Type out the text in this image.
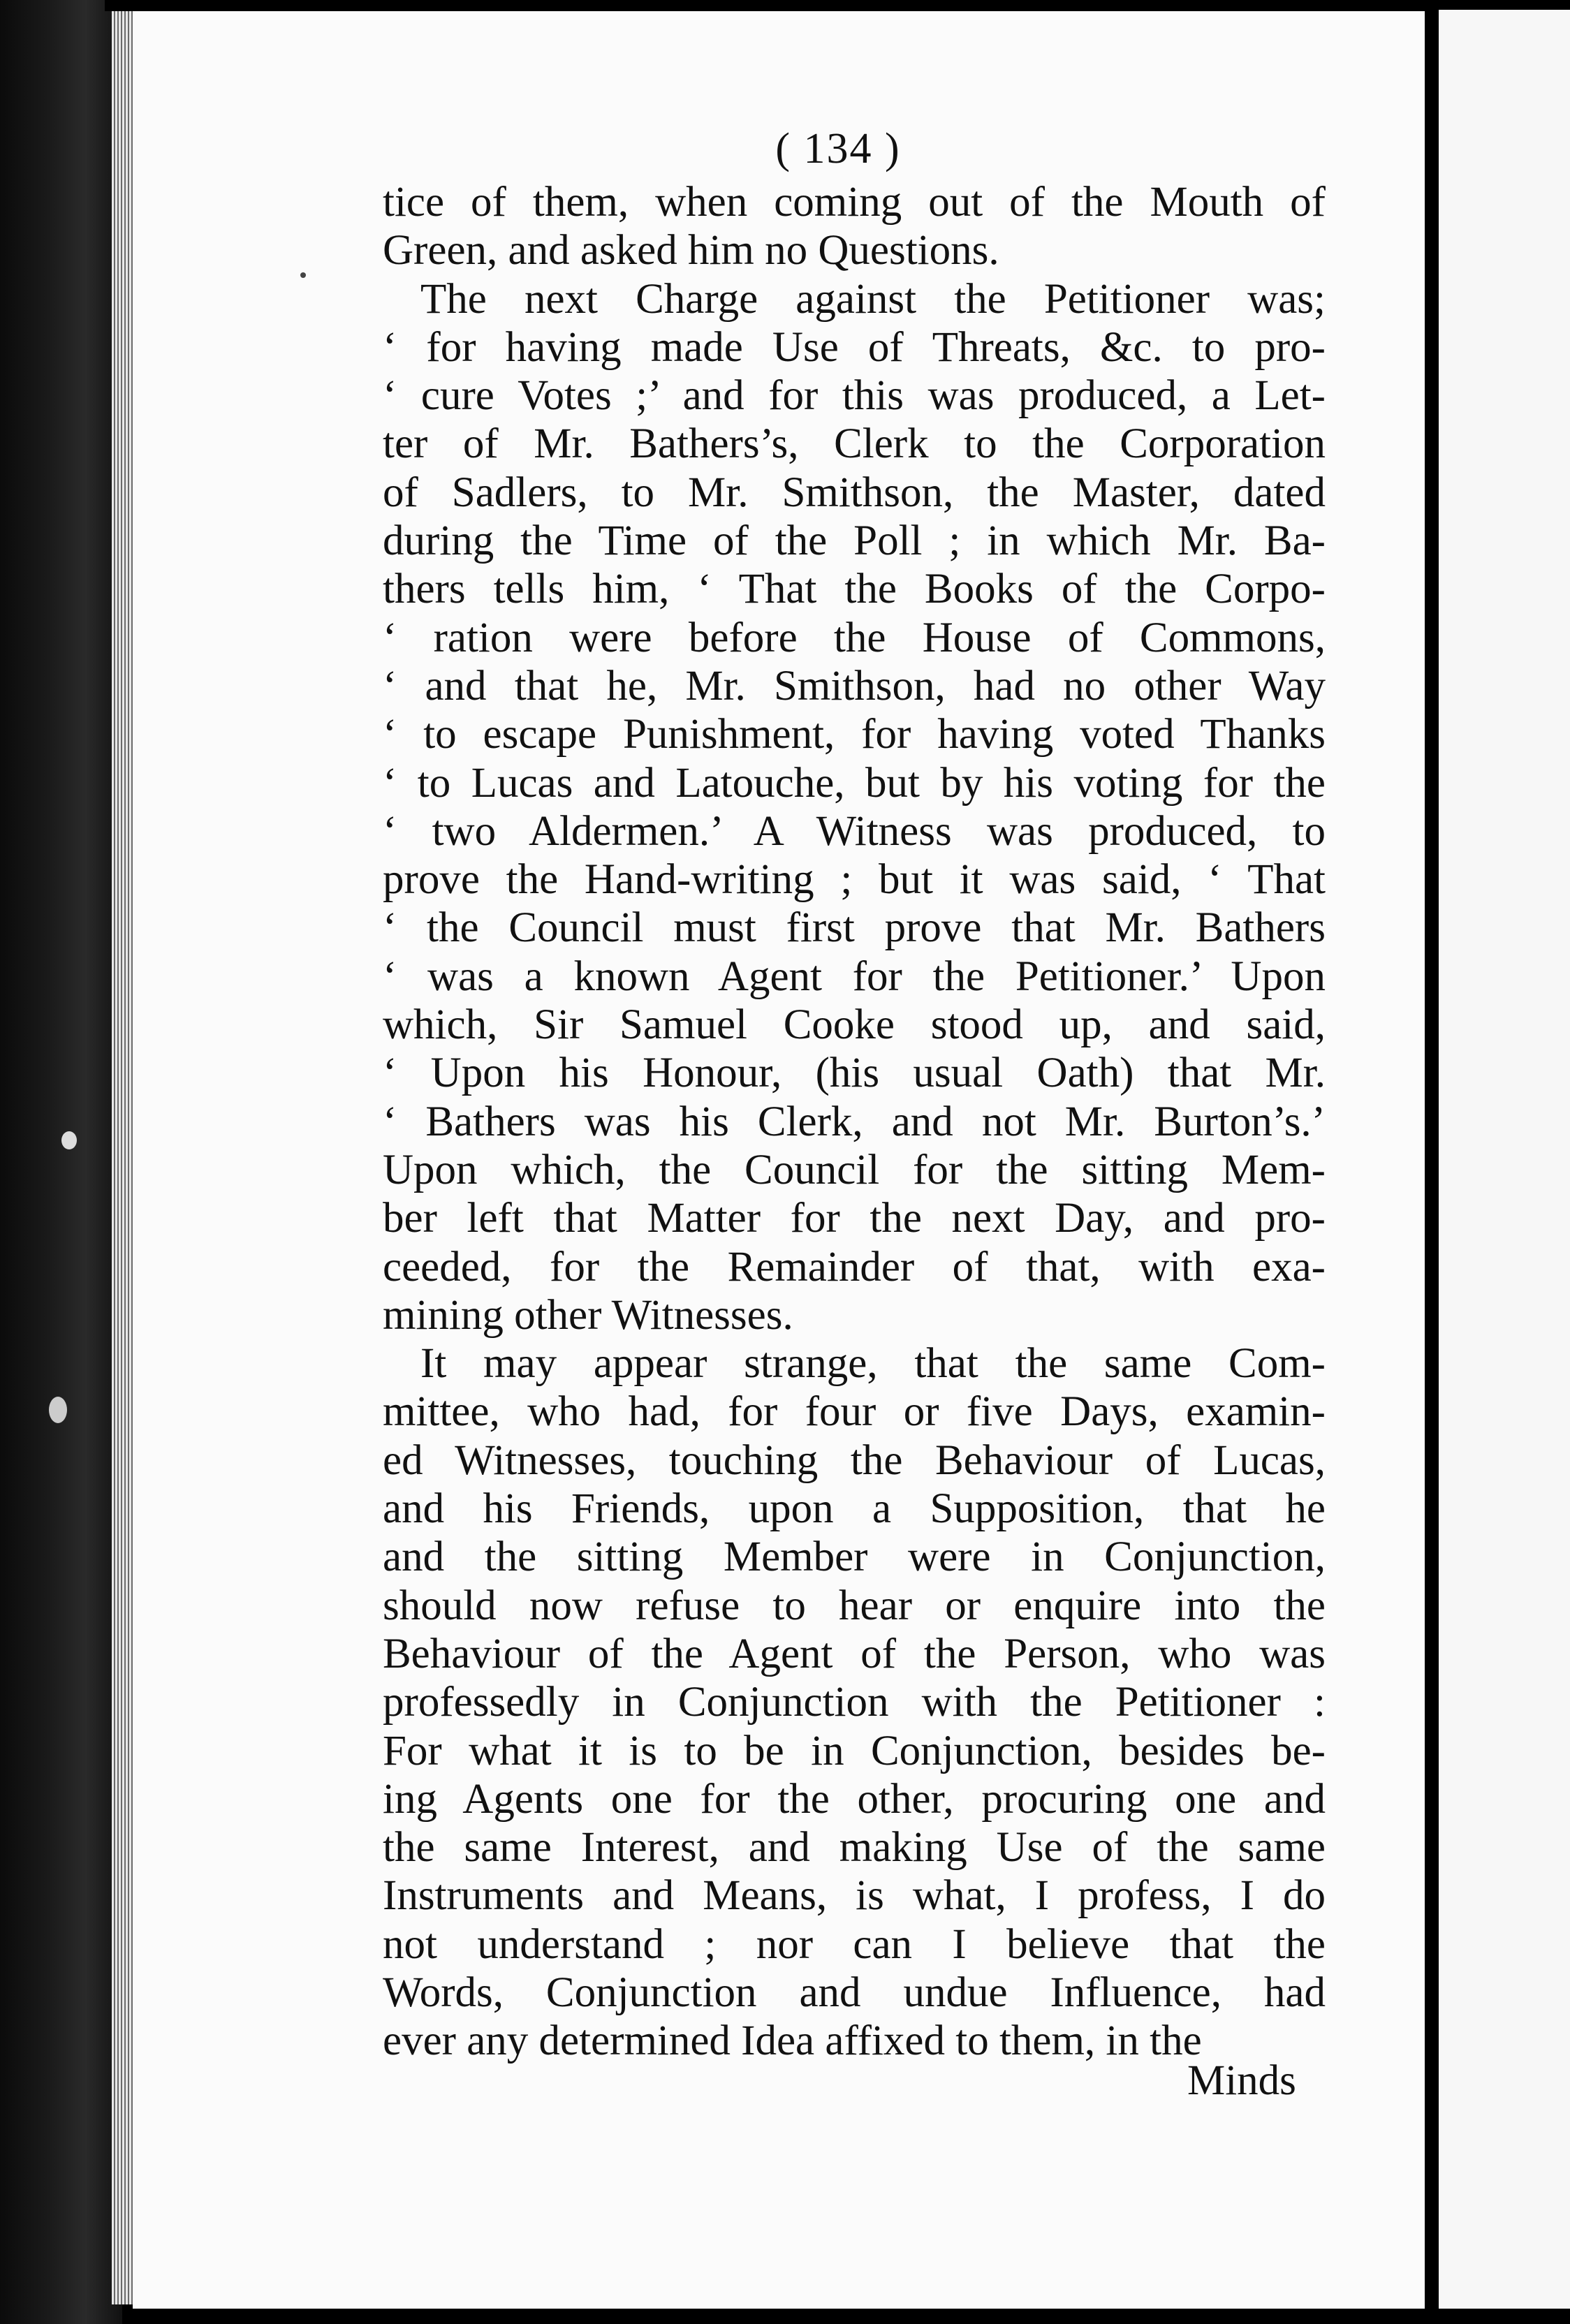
( 134 )
tice of them, when coming out of the Mouth of
Green, and asked him no Questions.
The next Charge against the Petitioner was;
‘ for having made Use of Threats, &c. to pro-
‘ cure Votes ;’ and for this was produced, a Let-
ter of Mr. Bathers’s, Clerk to the Corporation
of Sadlers, to Mr. Smithson, the Master, dated
during the Time of the Poll ; in which Mr. Ba-
thers tells him, ‘ That the Books of the Corpo-
‘ ration were before the House of Commons,
‘ and that he, Mr. Smithson, had no other Way
‘ to escape Punishment, for having voted Thanks
‘ to Lucas and Latouche, but by his voting for the
‘ two Aldermen.’ A Witness was produced, to
prove the Hand-writing ; but it was said, ‘ That
‘ the Council must first prove that Mr. Bathers
‘ was a known Agent for the Petitioner.’ Upon
which, Sir Samuel Cooke stood up, and said,
‘ Upon his Honour, (his usual Oath) that Mr.
‘ Bathers was his Clerk, and not Mr. Burton’s.’
Upon which, the Council for the sitting Mem-
ber left that Matter for the next Day, and pro-
ceeded, for the Remainder of that, with exa-
mining other Witnesses.
It may appear strange, that the same Com-
mittee, who had, for four or five Days, examin-
ed Witnesses, touching the Behaviour of Lucas,
and his Friends, upon a Supposition, that he
and the sitting Member were in Conjunction,
should now refuse to hear or enquire into the
Behaviour of the Agent of the Person, who was
professedly in Conjunction with the Petitioner :
For what it is to be in Conjunction, besides be-
ing Agents one for the other, procuring one and
the same Interest, and making Use of the same
Instruments and Means, is what, I profess, I do
not understand ; nor can I believe that the
Words, Conjunction and undue Influence, had
ever any determined Idea affixed to them, in the
Minds
